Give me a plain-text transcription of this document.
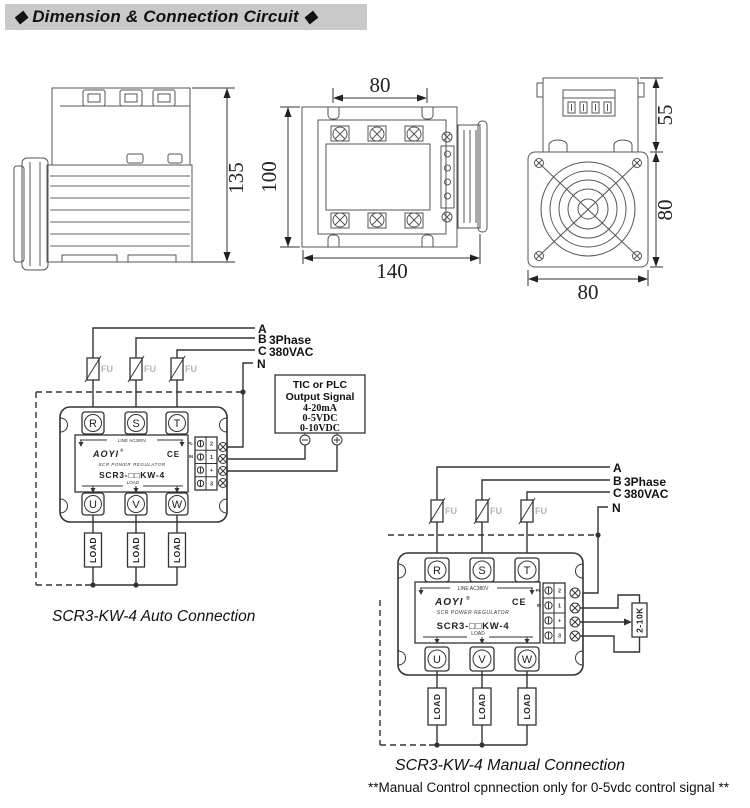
◆ Dimension & Connection Circuit ◆
135
80
100
140
55
80
80
A
B 3Phase
C 380VAC
N
FU	FU	FU
R	S	T
LINE AC380V
AOYI ®	CE
SCR POWER REGULATOR
SCR3-□□KW-4
LOAD
2
1
+
3
PL
IN
U	V	W
TIC or PLC
Output Signal
4-20mA
0-5VDC
0-10VDC
LOAD	LOAD	LOAD
SCR3-KW-4 Auto Connection
A
B 3Phase
C 380VAC
N
FU	FU	FU
R	S	T
LINE AC380V
AOYI ®	CE
SCR POWER REGULATOR
SCR3-□□KW-4
LOAD
2
1
+
3
PL
IN
U	V	W
2-10K
LOAD	LOAD	LOAD
SCR3-KW-4 Manual Connection
**Manual Control cpnnection only for 0-5vdc control signal **
